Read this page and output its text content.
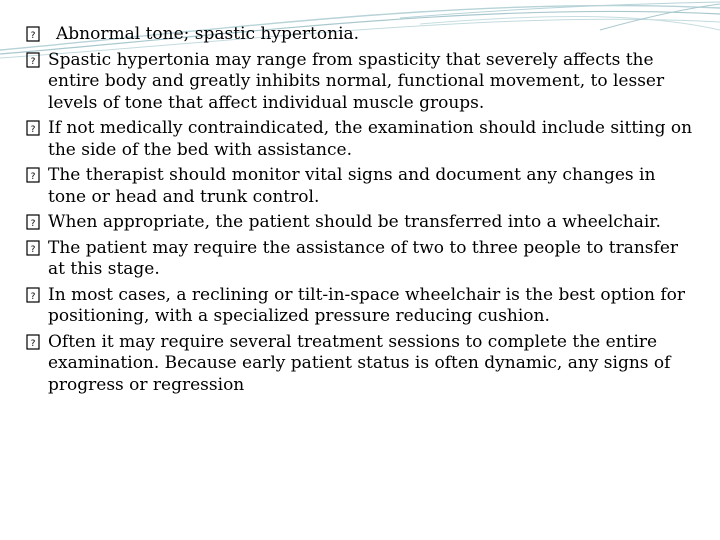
? Abnormal tone; spastic hypertonia.
? Spastic hypertonia may range from spasticity that severely affects the entire body and greatly inhibits normal, functional movement, to lesser levels of tone that affect individual muscle groups.
? If not medically contraindicated, the examination should include sitting on the side of the bed with assistance.
? The therapist should monitor vital signs and document any changes in tone or head and trunk control.
? When appropriate, the patient should be transferred into a wheelchair.
? The patient may require the assistance of two to three people to transfer at this stage.
? In most cases, a reclining or tilt-in-space wheelchair is the best option for positioning, with a specialized pressure reducing cushion.
? Often it may require several treatment sessions to complete the entire examination. Because early patient status is often dynamic, any signs of progress or regression
